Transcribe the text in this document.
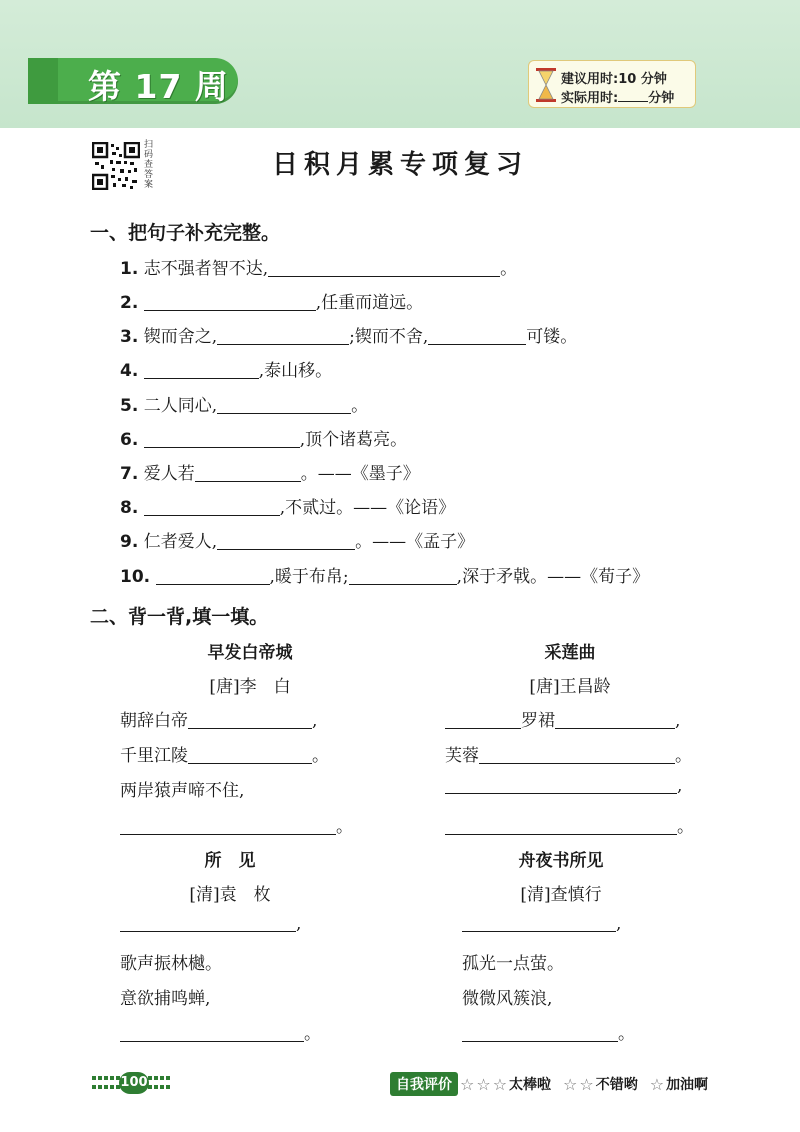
第 17 周	建议用时:10 分钟
实际用时: 分钟
扫码查答案
日积月累专项复习
一、把句子补充完整。
1. 志不强者智不达,	。
2.	,任重而道远。
3. 锲而舍之,	;锲而不舍,	可镂。
4.	,泰山移。
5. 二人同心,	。
6.	,顶个诸葛亮。
7. 爱人若	。——《墨子》
8.	,不贰过。——《论语》
9. 仁者爱人,	。——《孟子》
10.	,暖于布帛;	,深于矛戟。——《荀子》
二、背一背,填一填。
早发白帝城
[唐]李　白
朝辞白帝	,
千里江陵	。
两岸猿声啼不住,
。
采莲曲
[唐]王昌龄
罗裙	,
芙蓉	。
,
。
所　见
[清]袁　枚
,
歌声振林樾。
意欲捕鸣蝉,
。
舟夜书所见
[清]查慎行
,
孤光一点萤。
微微风簇浪,
。
100	自我评价 ☆ ☆ ☆ 太棒啦 ☆ ☆ 不错哟 ☆ 加油啊
